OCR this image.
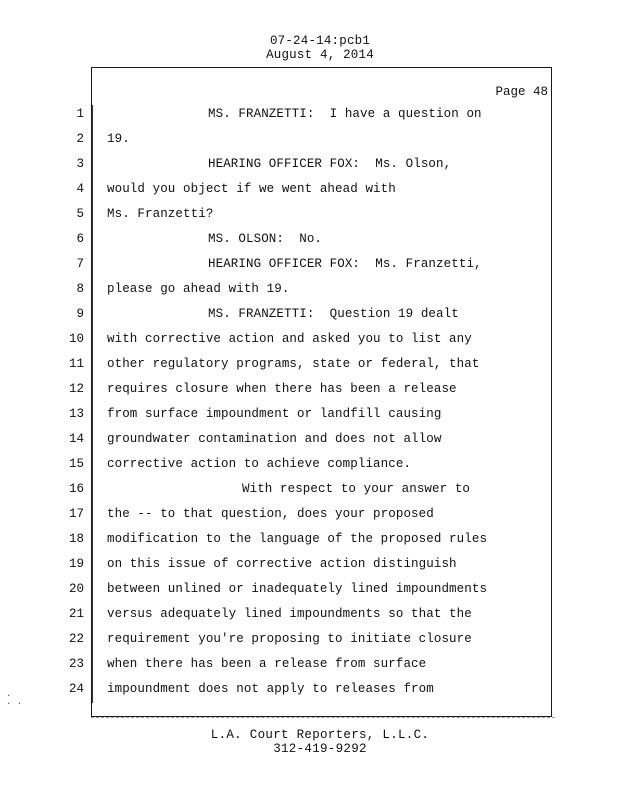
07-24-14:pcb1
August 4, 2014
Page 48
1
2
3
4
5
6
7
8
9
10
11
12
13
14
15
16
17
18
19
20
21
22
23
24
MS. FRANZETTI:  I have a question on
19.
HEARING OFFICER FOX:  Ms. Olson,
would you object if we went ahead with
Ms. Franzetti?
MS. OLSON:  No.
HEARING OFFICER FOX:  Ms. Franzetti,
please go ahead with 19.
MS. FRANZETTI:  Question 19 dealt
with corrective action and asked you to list any
other regulatory programs, state or federal, that
requires closure when there has been a release
from surface impoundment or landfill causing
groundwater contamination and does not allow
corrective action to achieve compliance.
With respect to your answer to
the -- to that question, does your proposed
modification to the language of the proposed rules
on this issue of corrective action distinguish
between unlined or inadequately lined impoundments
versus adequately lined impoundments so that the
requirement you're proposing to initiate closure
when there has been a release from surface
impoundment does not apply to releases from
L.A. Court Reporters, L.L.C.
312-419-9292
·
· ·
